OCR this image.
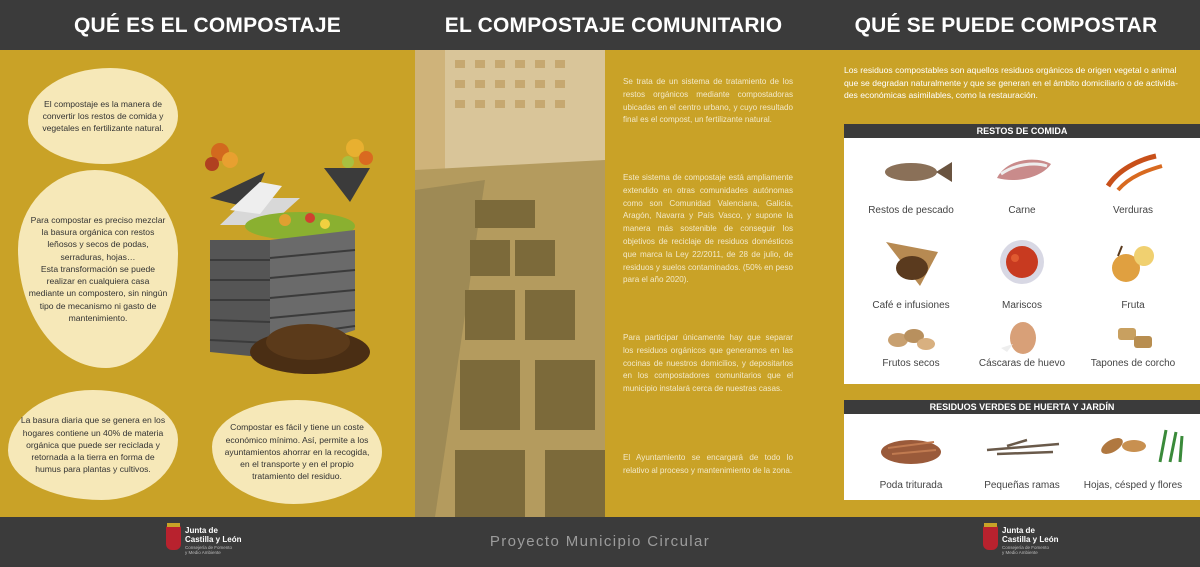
QUÉ ES EL COMPOSTAJE	EL COMPOSTAJE COMUNITARIO	QUÉ SE PUEDE COMPOSTAR
El compostaje es la manera de convertir los restos de comida y vegetales en fertilizante natural.
Para compostar es preciso mezclar la basura orgánica con restos leñosos y secos de podas, serraduras, hojas…
Esta transformación se puede realizar en cualquiera casa mediante un compostero, sin ningún tipo de mecanismo ni gasto de mantenimiento.
La basura diaria que se genera en los hogares contiene un 40% de materia orgánica que puede ser reciclada y retornada a la tierra en forma de humus para plantas y cultivos.
Compostar es fácil y tiene un coste económico mínimo. Así, permite a los ayuntamientos ahorrar en la recogida, en el transporte y en el propio tratamiento del residuo.
Se trata de un sistema de tratamiento de los restos orgánicos mediante compostadoras ubicadas en el centro urbano, y cuyo resultado final es el compost, un fertilizante natural.
Este sistema de compostaje está ampliamente extendido en otras comunidades autónomas como son Comunidad Valenciana, Galicia, Aragón, Navarra y País Vasco, y supone la manera más sostenible de conseguir los objetivos de reciclaje de residuos domésticos que marca la Ley 22/2011, de 28 de julio, de residuos y suelos contaminados. (50% en peso para el año 2020).
Para participar únicamente hay que separar los residuos orgánicos que generamos en las cocinas de nuestros domicilios, y depositarlos en los compostadores comunitarios que el municipio instalará cerca de nuestras casas.
El Ayuntamiento se encargará de todo lo relativo al proceso y mantenimiento de la zona.
Los residuos compostables son aquellos residuos orgánicos de origen vegetal o animal que se degradan naturalmente y que se generan en el ámbito domiciliario o de activida- des económicas asimilables, como la restauración.
RESTOS DE COMIDA
Restos de pescado	Carne	Verduras
Café e infusiones	Mariscos	Fruta
Frutos secos	Cáscaras de huevo	Tapones de corcho
RESIDUOS VERDES DE HUERTA Y JARDÍN
Poda triturada	Pequeñas ramas	Hojas, césped y flores
Proyecto Municipio Circular
Junta de
Castilla y León
Consejería de Fomento
y Medio Ambiente
Junta de
Castilla y León
Consejería de Fomento
y Medio Ambiente
